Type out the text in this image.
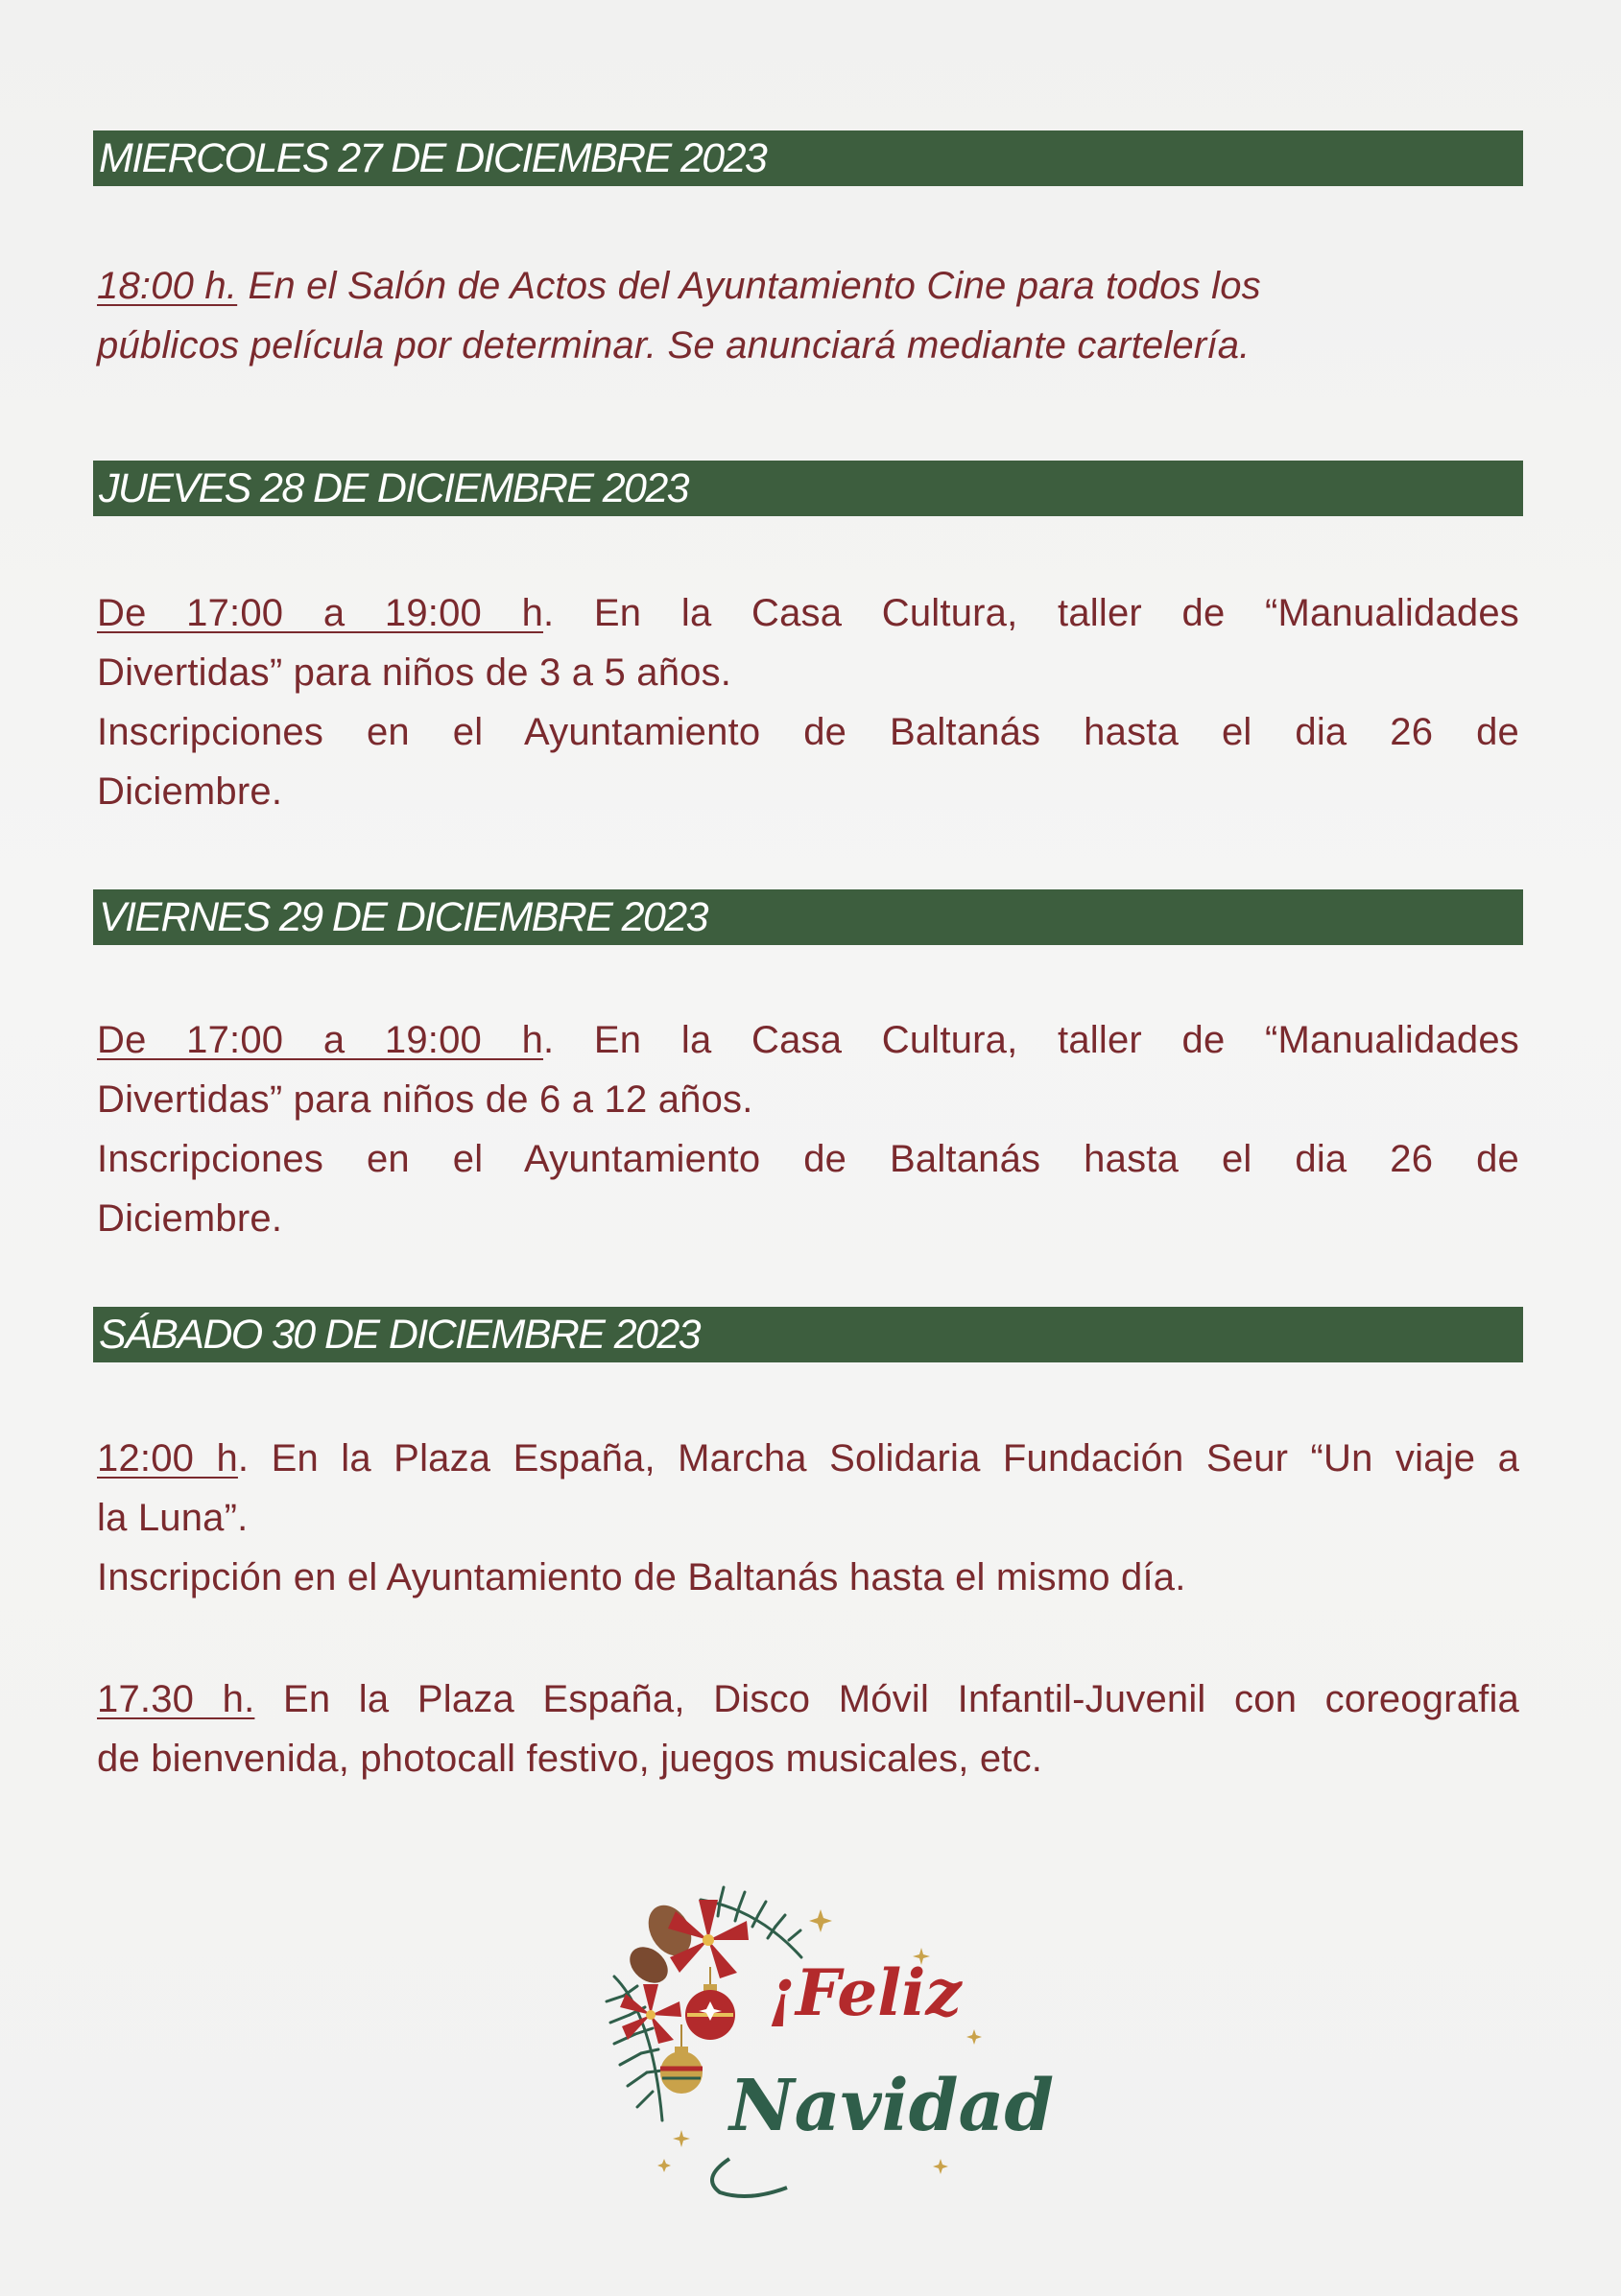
MIERCOLES 27 DE DICIEMBRE 2023
18:00 h. En el Salón de Actos del Ayuntamiento Cine para todos los
públicos película por determinar. Se anunciará mediante cartelería.
JUEVES 28 DE DICIEMBRE 2023
De 17:00 a 19:00 h. En la Casa Cultura, taller de “Manualidades
Divertidas” para niños de 3 a 5 años.
Inscripciones en el Ayuntamiento de Baltanás hasta el dia 26 de
Diciembre.
VIERNES 29 DE DICIEMBRE 2023
De 17:00 a 19:00 h. En la Casa Cultura, taller de “Manualidades
Divertidas” para niños de 6 a 12 años.
Inscripciones en el Ayuntamiento de Baltanás hasta el dia 26 de
Diciembre.
SÁBADO 30 DE DICIEMBRE 2023
12:00 h. En la Plaza España, Marcha Solidaria Fundación Seur “Un viaje a
la Luna”.
Inscripción en el Ayuntamiento de Baltanás hasta el mismo día.
17.30 h. En la Plaza España, Disco Móvil Infantil-Juvenil con coreografia
de bienvenida, photocall festivo, juegos musicales, etc.
¡Feliz
Navidad
